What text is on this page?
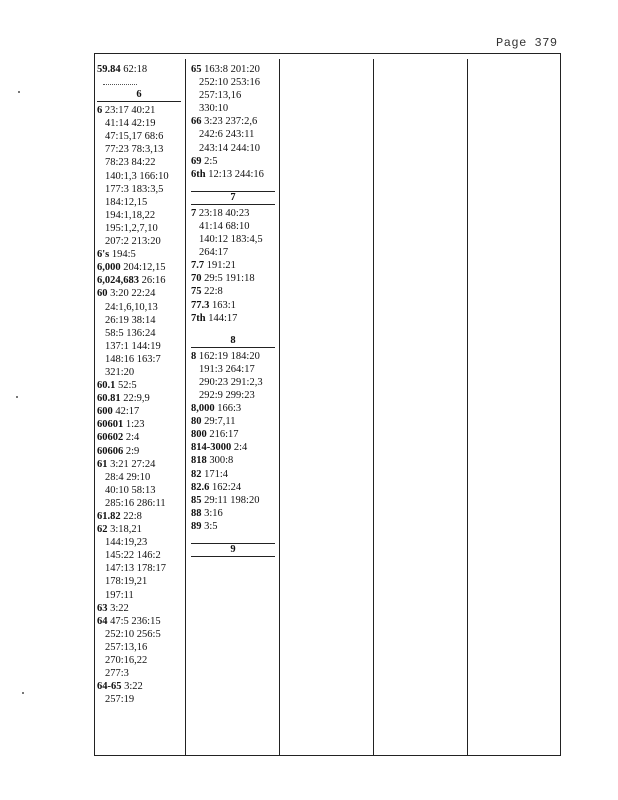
Page 379
59.84 62:18
6
6 23:17 40:21
41:14 42:19
47:15,17 68:6
77:23 78:3,13
78:23 84:22
140:1,3 166:10
177:3 183:3,5
184:12,15
194:1,18,22
195:1,2,7,10
207:2 213:20
6's 194:5
6,000 204:12,15
6,024,683 26:16
60 3:20 22:24
24:1,6,10,13
26:19 38:14
58:5 136:24
137:1 144:19
148:16 163:7
321:20
60.1 52:5
60.81 22:9,9
600 42:17
60601 1:23
60602 2:4
60606 2:9
61 3:21 27:24
28:4 29:10
40:10 58:13
285:16 286:11
61.82 22:8
62 3:18,21
144:19,23
145:22 146:2
147:13 178:17
178:19,21
197:11
63 3:22
64 47:5 236:15
252:10 256:5
257:13,16
270:16,22
277:3
64-65 3:22
257:19
65 163:8 201:20
252:10 253:16
257:13,16
330:10
66 3:23 237:2,6
242:6 243:11
243:14 244:10
69 2:5
6th 12:13 244:16
7
7 23:18 40:23
41:14 68:10
140:12 183:4,5
264:17
7.7 191:21
70 29:5 191:18
75 22:8
77.3 163:1
7th 144:17
8
8 162:19 184:20
191:3 264:17
290:23 291:2,3
292:9 299:23
8,000 166:3
80 29:7,11
800 216:17
814-3000 2:4
818 300:8
82 171:4
82.6 162:24
85 29:11 198:20
88 3:16
89 3:5
9
